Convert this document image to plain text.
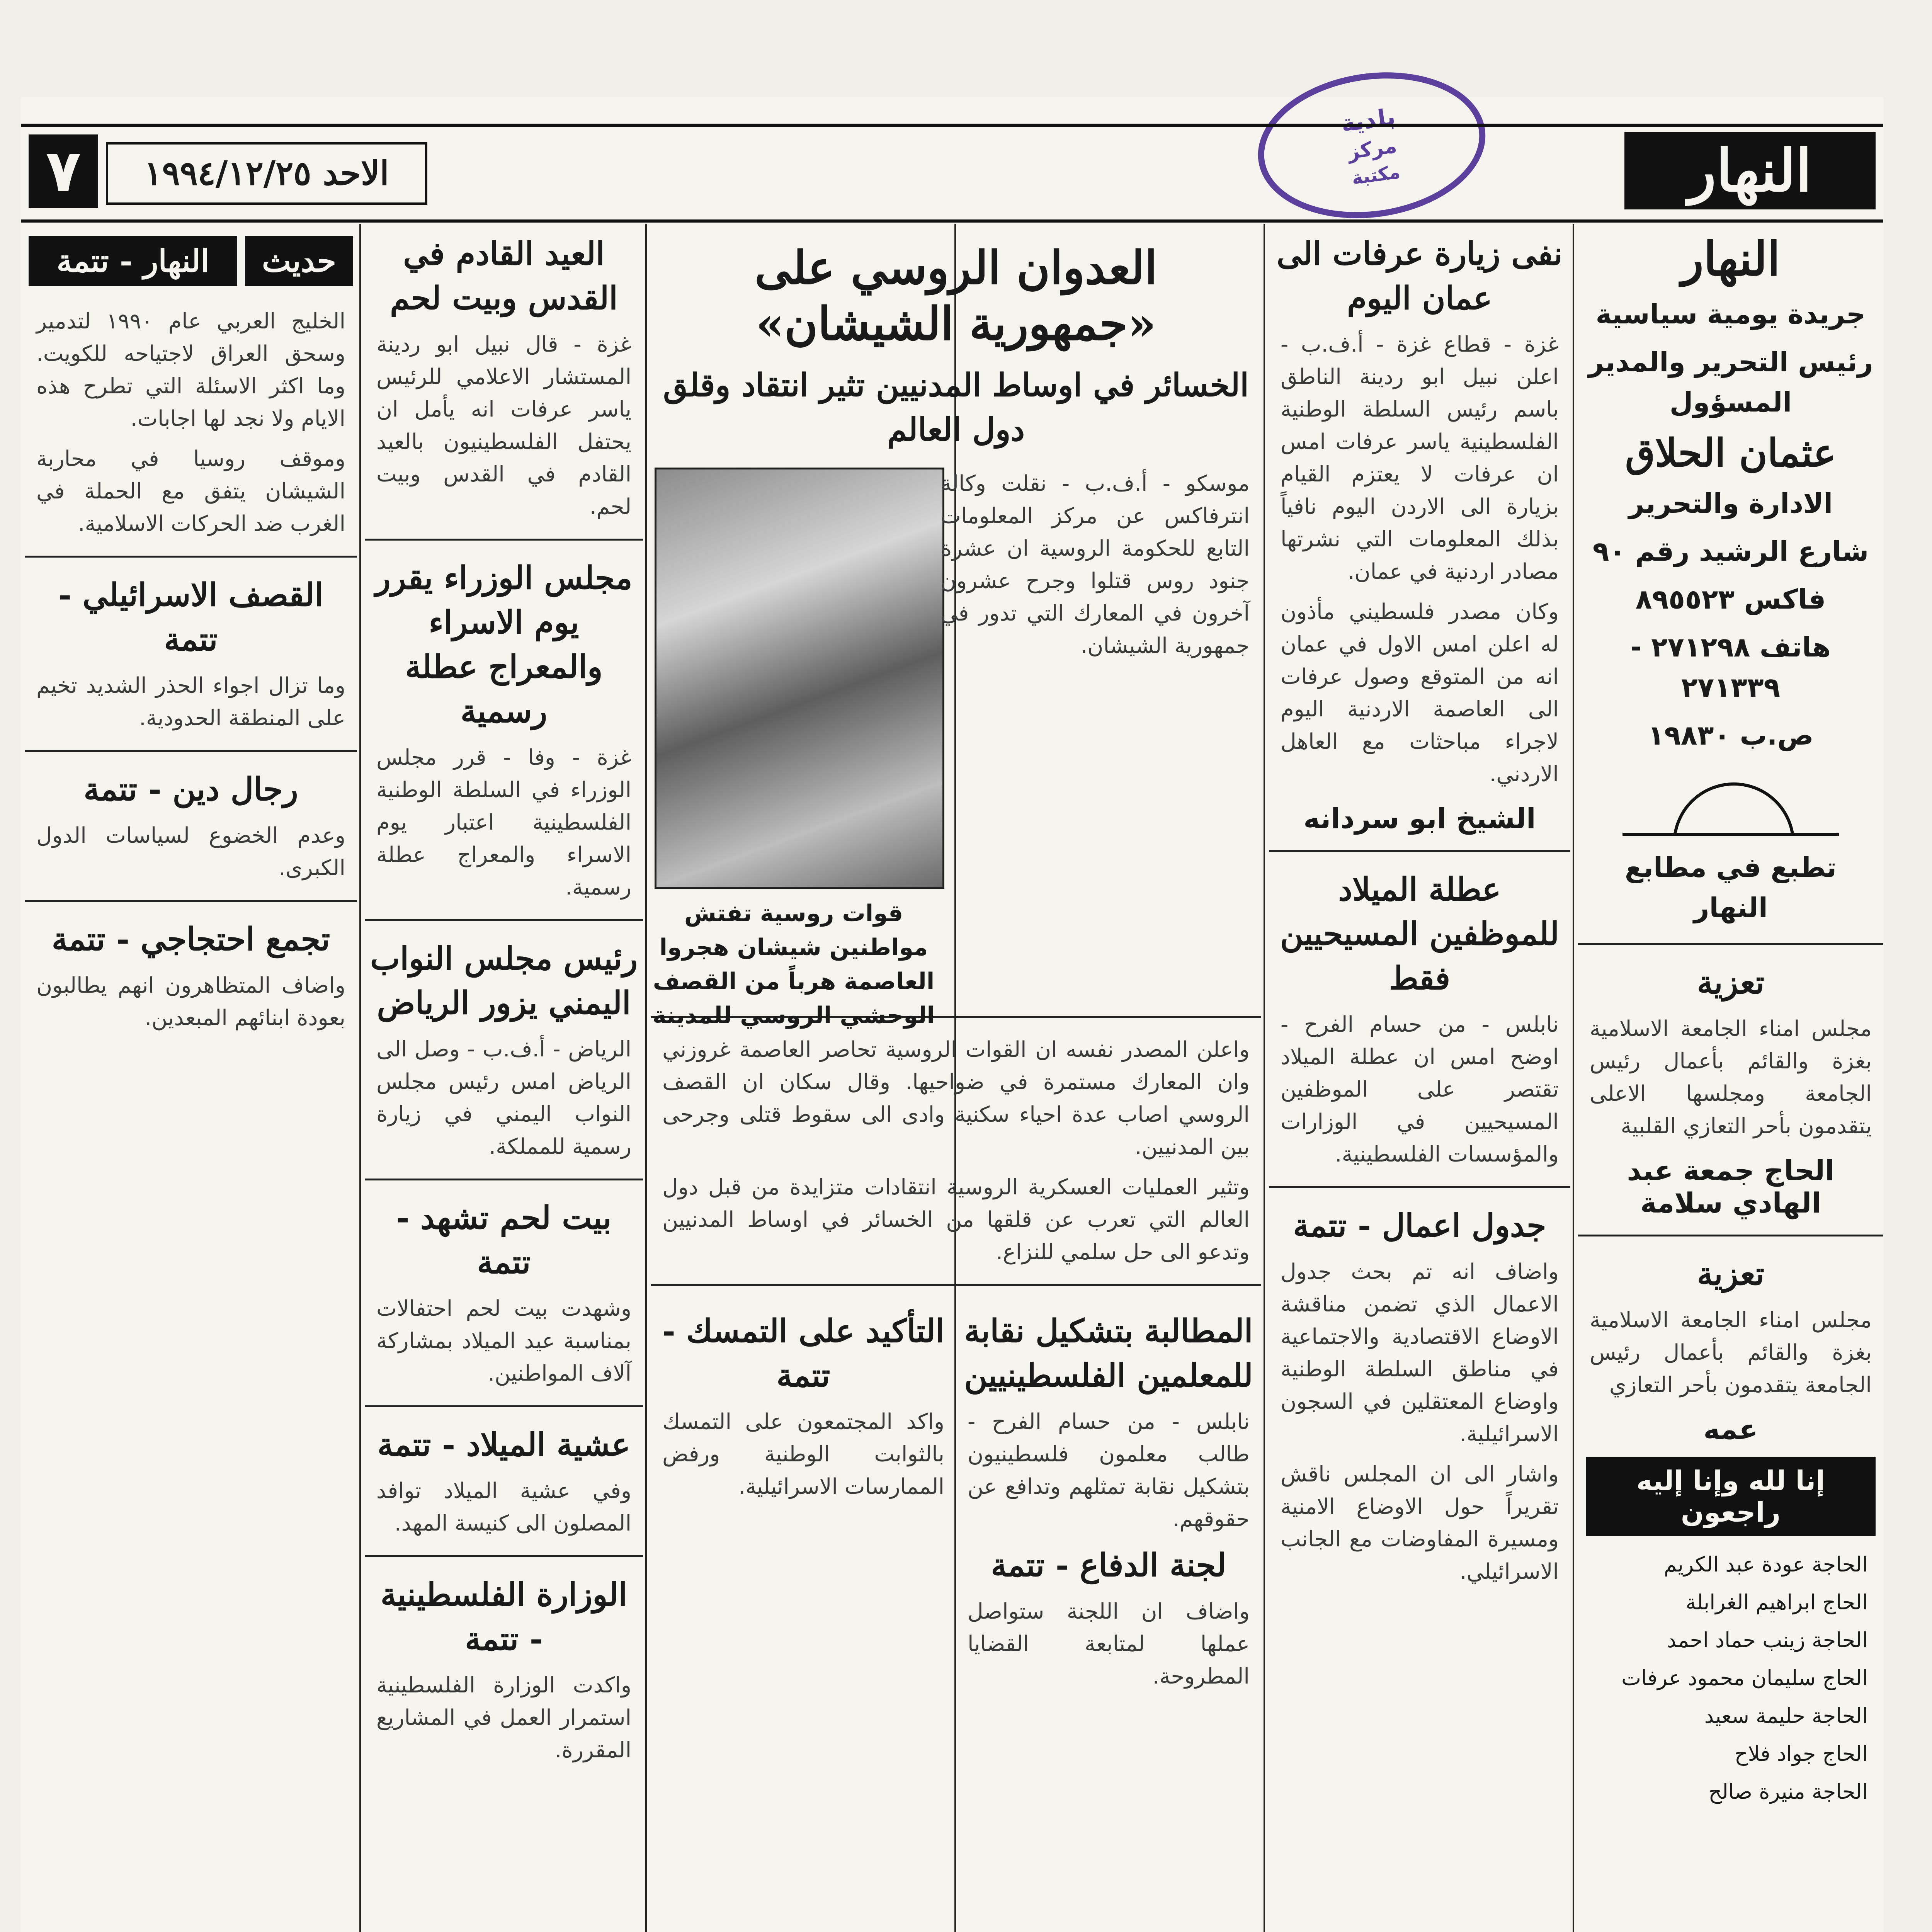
بلدية
مركز
مكتبة	النهار
الاحد ١٩٩٤/١٢/٢٥
٧
النهار
جريدة يومية سياسية
رئيس التحرير والمدير المسؤول
عثمان الحلاق
الادارة والتحرير
شارع الرشيد رقم ٩٠
فاكس ٨٩٥٥٢٣
هاتف ٢٧١٢٩٨ - ٢٧١٣٣٩
ص.ب ١٩٨٣٠
تطبع في مطابع النهار
تعزية
مجلس امناء الجامعة الاسلامية بغزة والقائم بأعمال رئيس الجامعة ومجلسها الاعلى يتقدمون بأحر التعازي القلبية
الحاج جمعة عبد الهادي سلامة
تعزية
مجلس امناء الجامعة الاسلامية بغزة والقائم بأعمال رئيس الجامعة يتقدمون بأحر التعازي
عمه
إنا لله وإنا إليه راجعون
الحاجة عودة عبد الكريم
الحاج ابراهيم الغرابلة
الحاجة زينب حماد احمد
الحاج سليمان محمود عرفات
الحاجة حليمة سعيد
الحاج جواد فلاح
الحاجة منيرة صالح
نفى زيارة عرفات الى عمان اليوم
غزة - قطاع غزة - أ.ف.ب - اعلن نبيل ابو ردينة الناطق باسم رئيس السلطة الوطنية الفلسطينية ياسر عرفات امس ان عرفات لا يعتزم القيام بزيارة الى الاردن اليوم نافياً بذلك المعلومات التي نشرتها مصادر اردنية في عمان.
وكان مصدر فلسطيني مأذون له اعلن امس الاول في عمان انه من المتوقع وصول عرفات الى العاصمة الاردنية اليوم لاجراء مباحثات مع العاهل الاردني.
الشيخ ابو سردانه
عطلة الميلاد للموظفين المسيحيين فقط
نابلس - من حسام الفرح - اوضح امس ان عطلة الميلاد تقتصر على الموظفين المسيحيين في الوزارات والمؤسسات الفلسطينية.
جدول اعمال - تتمة
واضاف انه تم بحث جدول الاعمال الذي تضمن مناقشة الاوضاع الاقتصادية والاجتماعية في مناطق السلطة الوطنية واوضاع المعتقلين في السجون الاسرائيلية.
واشار الى ان المجلس ناقش تقريراً حول الاوضاع الامنية ومسيرة المفاوضات مع الجانب الاسرائيلي.
العدوان الروسي على «جمهورية الشيشان»
الخسائر في اوساط المدنيين تثير انتقاد وقلق دول العالم
قوات روسية تفتش مواطنين شيشان هجروا العاصمة هرباً من القصف الوحشي الروسي للمدينة
موسكو - أ.ف.ب - نقلت وكالة انترفاكس عن مركز المعلومات التابع للحكومة الروسية ان عشرة جنود روس قتلوا وجرح عشرون آخرون في المعارك التي تدور في جمهورية الشيشان.
واعلن المصدر نفسه ان القوات الروسية تحاصر العاصمة غروزني وان المعارك مستمرة في ضواحيها. وقال سكان ان القصف الروسي اصاب عدة احياء سكنية وادى الى سقوط قتلى وجرحى بين المدنيين.
وتثير العمليات العسكرية الروسية انتقادات متزايدة من قبل دول العالم التي تعرب عن قلقها من الخسائر في اوساط المدنيين وتدعو الى حل سلمي للنزاع.
المطالبة بتشكيل نقابة للمعلمين الفلسطينيين
نابلس - من حسام الفرح - طالب معلمون فلسطينيون بتشكيل نقابة تمثلهم وتدافع عن حقوقهم.
لجنة الدفاع - تتمة
واضاف ان اللجنة ستواصل عملها لمتابعة القضايا المطروحة.
التأكيد على التمسك - تتمة
واكد المجتمعون على التمسك بالثوابت الوطنية ورفض الممارسات الاسرائيلية.
العيد القادم في القدس وبيت لحم
غزة - قال نبيل ابو ردينة المستشار الاعلامي للرئيس ياسر عرفات انه يأمل ان يحتفل الفلسطينيون بالعيد القادم في القدس وبيت لحم.
مجلس الوزراء يقرر يوم الاسراء والمعراج عطلة رسمية
غزة - وفا - قرر مجلس الوزراء في السلطة الوطنية الفلسطينية اعتبار يوم الاسراء والمعراج عطلة رسمية.
رئيس مجلس النواب اليمني يزور الرياض
الرياض - أ.ف.ب - وصل الى الرياض امس رئيس مجلس النواب اليمني في زيارة رسمية للمملكة.
بيت لحم تشهد - تتمة
وشهدت بيت لحم احتفالات بمناسبة عيد الميلاد بمشاركة آلاف المواطنين.
عشية الميلاد - تتمة
وفي عشية الميلاد توافد المصلون الى كنيسة المهد.
الوزارة الفلسطينية - تتمة
واكدت الوزارة الفلسطينية استمرار العمل في المشاريع المقررة.
حديث
النهار - تتمة
الخليج العربي عام ١٩٩٠ لتدمير وسحق العراق لاجتياحه للكويت. وما اكثر الاسئلة التي تطرح هذه الايام ولا نجد لها اجابات.
وموقف روسيا في محاربة الشيشان يتفق مع الحملة في الغرب ضد الحركات الاسلامية.
القصف الاسرائيلي - تتمة
وما تزال اجواء الحذر الشديد تخيم على المنطقة الحدودية.
رجال دين - تتمة
وعدم الخضوع لسياسات الدول الكبرى.
تجمع احتجاجي - تتمة
واضاف المتظاهرون انهم يطالبون بعودة ابنائهم المبعدين.
